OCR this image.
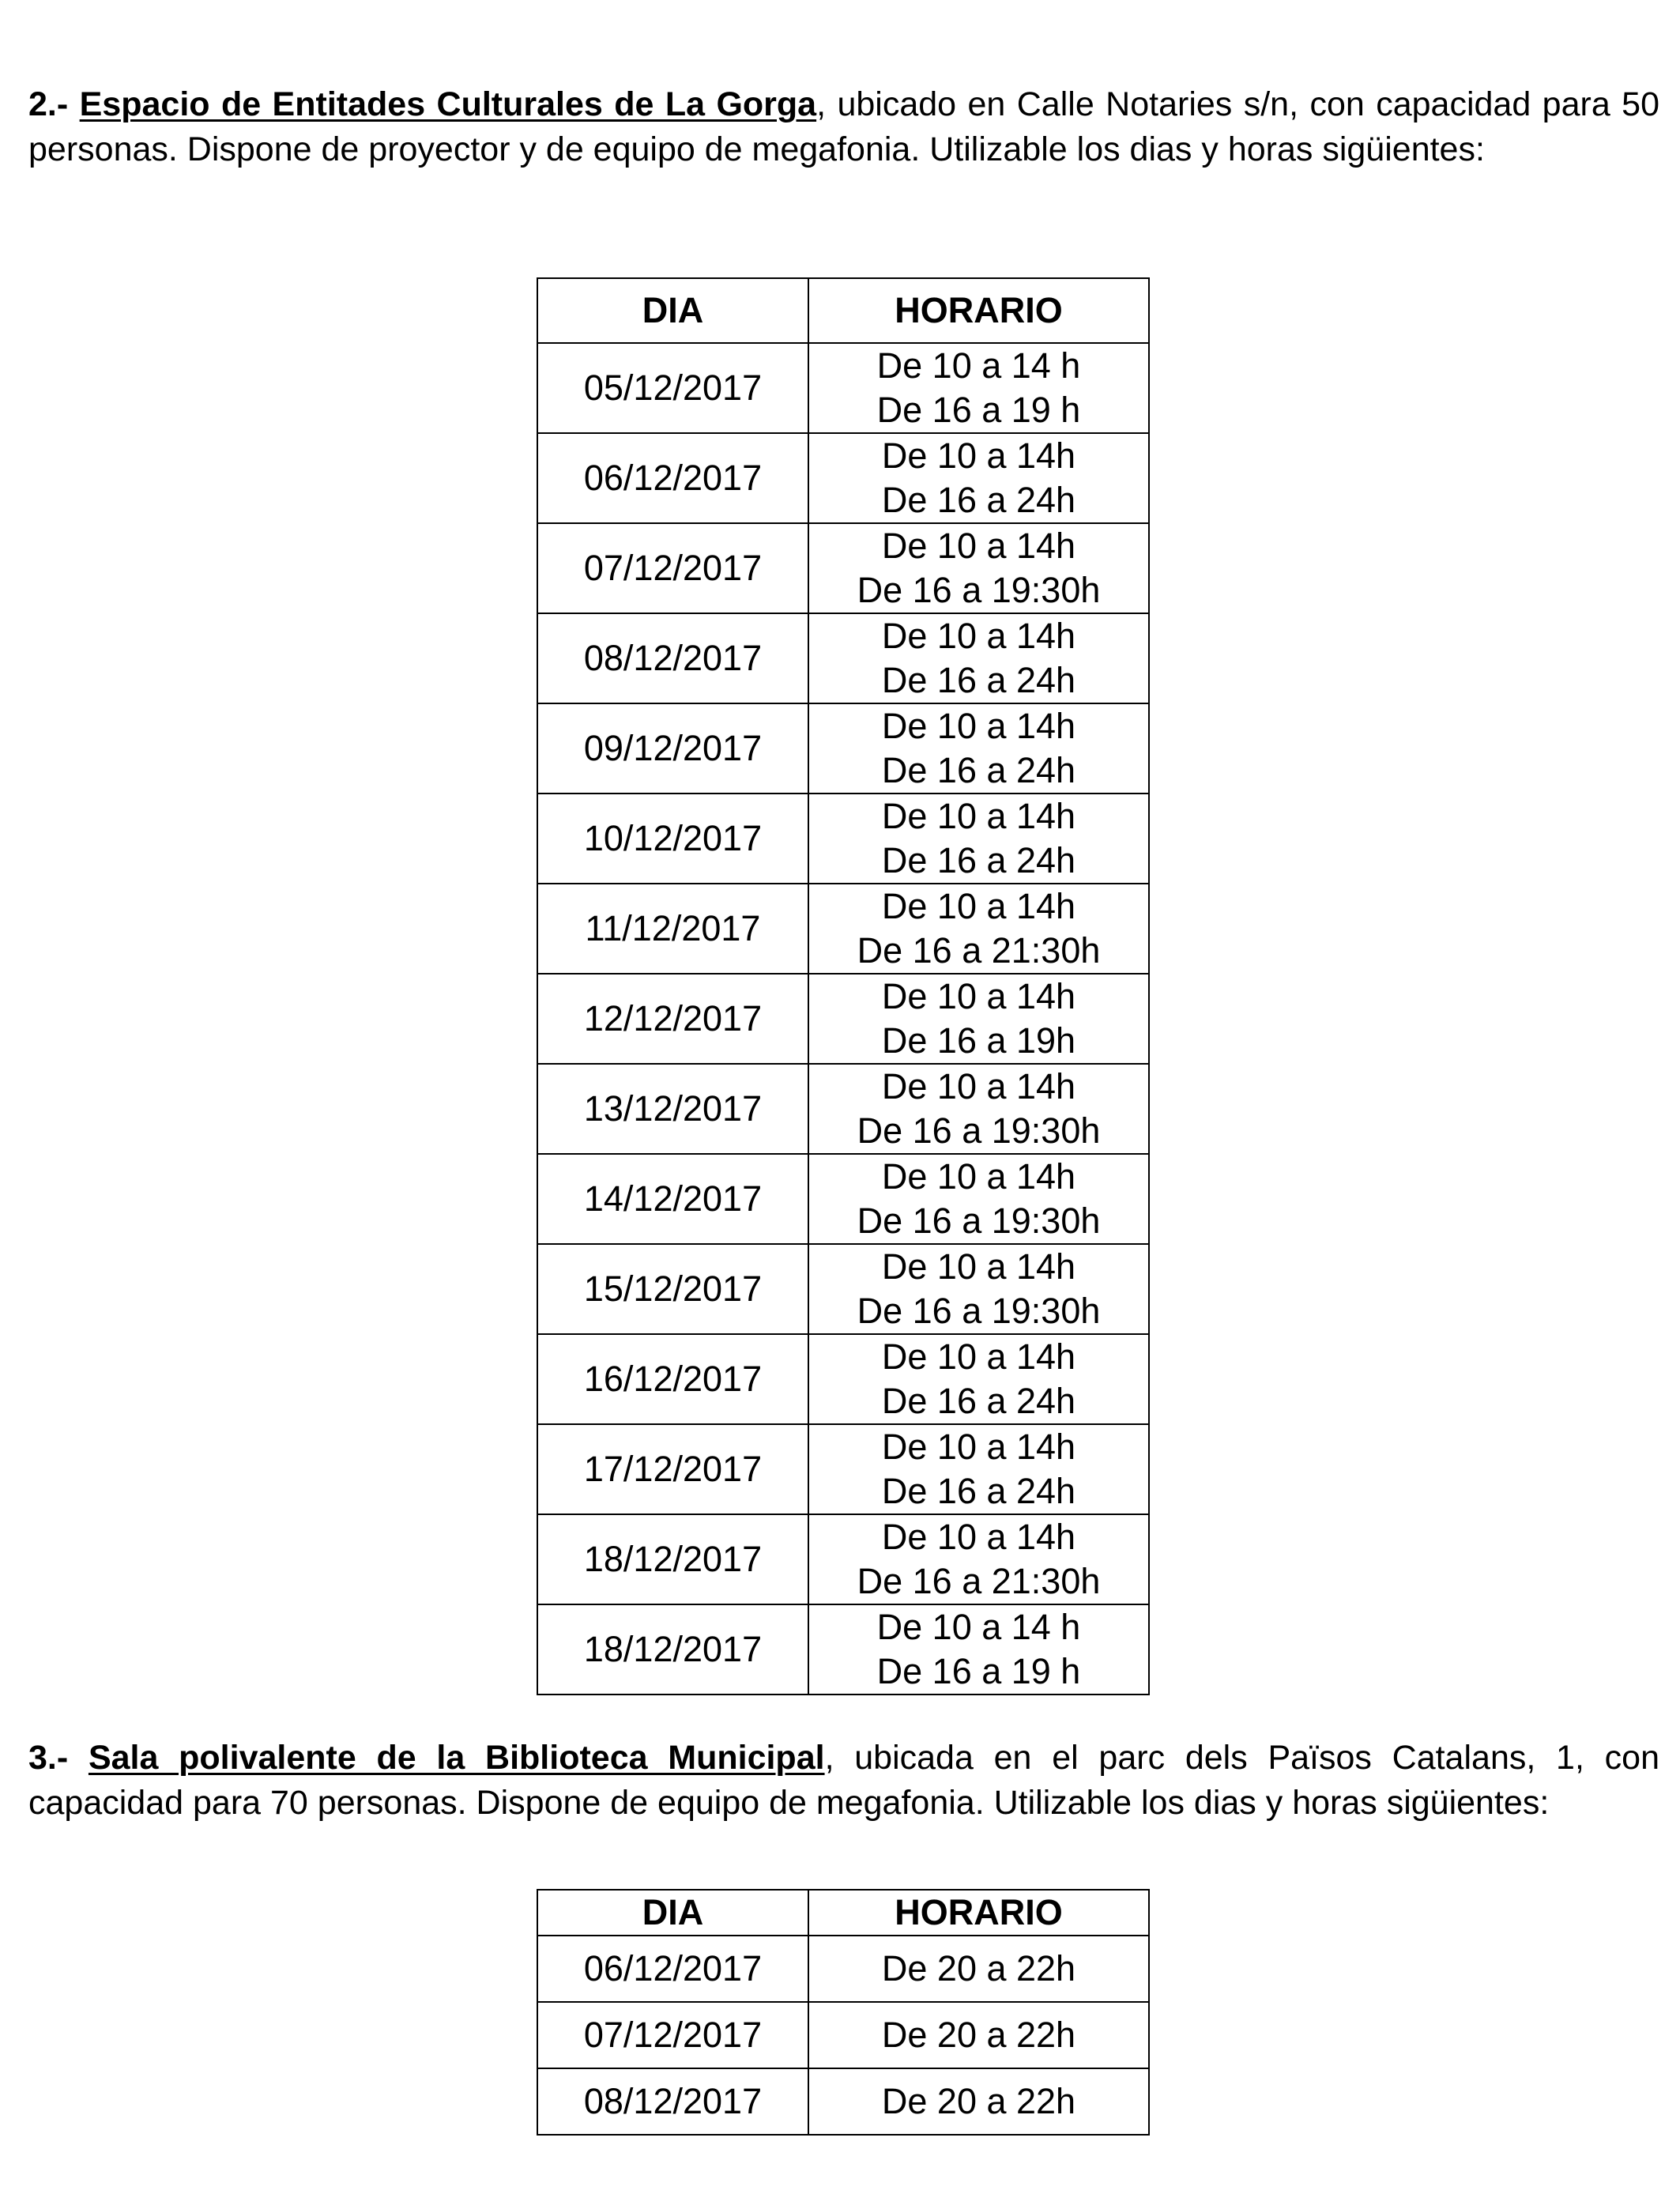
2.- Espacio de Entitades Culturales de La Gorga, ubicado en Calle Notaries s/n, con capacidad para 50 personas. Dispone de proyector y de equipo de megafonia. Utilizable los dias y horas sigüientes:

DIA	HORARIO
05/12/2017	De 10 a 14 h
De 16 a 19 h

06/12/2017	De 10 a 14h
De 16 a 24h

07/12/2017	De 10 a 14h
De 16 a 19:30h

08/12/2017	De 10 a 14h
De 16 a 24h

09/12/2017	De 10 a 14h
De 16 a 24h

10/12/2017	De 10 a 14h
De 16 a 24h

11/12/2017	De 10 a 14h
De 16 a 21:30h

12/12/2017	De 10 a 14h
De 16 a 19h

13/12/2017	De 10 a 14h
De 16 a 19:30h

14/12/2017	De 10 a 14h
De 16 a 19:30h

15/12/2017	De 10 a 14h
De 16 a 19:30h

16/12/2017	De 10 a 14h
De 16 a 24h

17/12/2017	De 10 a 14h
De 16 a 24h

18/12/2017	De 10 a 14h
De 16 a 21:30h

18/12/2017	De 10 a 14 h
De 16 a 19 h

3.- Sala polivalente de la Biblioteca Municipal, ubicada en el parc dels Països Catalans, 1, con capacidad para 70 personas. Dispone de equipo de megafonia. Utilizable los dias y horas sigüientes:

DIA	HORARIO
06/12/2017	De 20 a 22h

07/12/2017	De 20 a 22h

08/12/2017	De 20 a 22h
